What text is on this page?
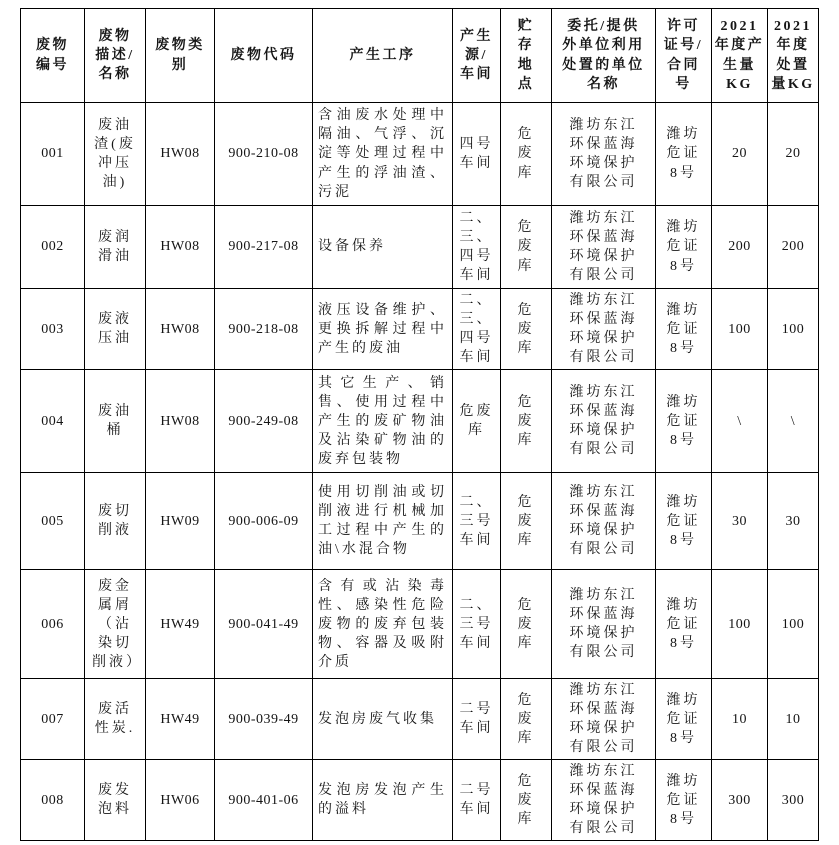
废物编号	废物描述/名称	废物类别	废物代码	产生工序	产生源/车间	贮存地点	委托/提供外单位利用处置的单位名称	许可证号/合同号	2021年度产生量KG	2021年度处置量KG
001	废油渣(废冲压油)	HW08	900-210-08	含油废水处理中隔油、气浮、沉淀等处理过程中产生的浮油渣、污泥	四号车间	危废库	潍坊东江环保蓝海环境保护有限公司	潍坊危证8号	20	20
002	废润滑油	HW08	900-217-08	设备保养	二、三、四号车间	危废库	潍坊东江环保蓝海环境保护有限公司	潍坊危证8号	200	200
003	废液压油	HW08	900-218-08	液压设备维护、更换拆解过程中产生的废油	二、三、四号车间	危废库	潍坊东江环保蓝海环境保护有限公司	潍坊危证8号	100	100
004	废油桶	HW08	900-249-08	其它生产、销售、使用过程中产生的废矿物油及沾染矿物油的废弃包装物	危废库	危废库	潍坊东江环保蓝海环境保护有限公司	潍坊危证8号	\	\
005	废切削液	HW09	900-006-09	使用切削油或切削液进行机械加工过程中产生的油\水混合物	二、三号车间	危废库	潍坊东江环保蓝海环境保护有限公司	潍坊危证8号	30	30
006	废金属屑（沾染切削液）	HW49	900-041-49	含有或沾染毒性、感染性危险废物的废弃包装物、容器及吸附介质	二、三号车间	危废库	潍坊东江环保蓝海环境保护有限公司	潍坊危证8号	100	100
007	废活性炭.	HW49	900-039-49	发泡房废气收集	二号车间	危废库	潍坊东江环保蓝海环境保护有限公司	潍坊危证8号	10	10
008	废发泡料	HW06	900-401-06	发泡房发泡产生的溢料	二号车间	危废库	潍坊东江环保蓝海环境保护有限公司	潍坊危证8号	300	300
